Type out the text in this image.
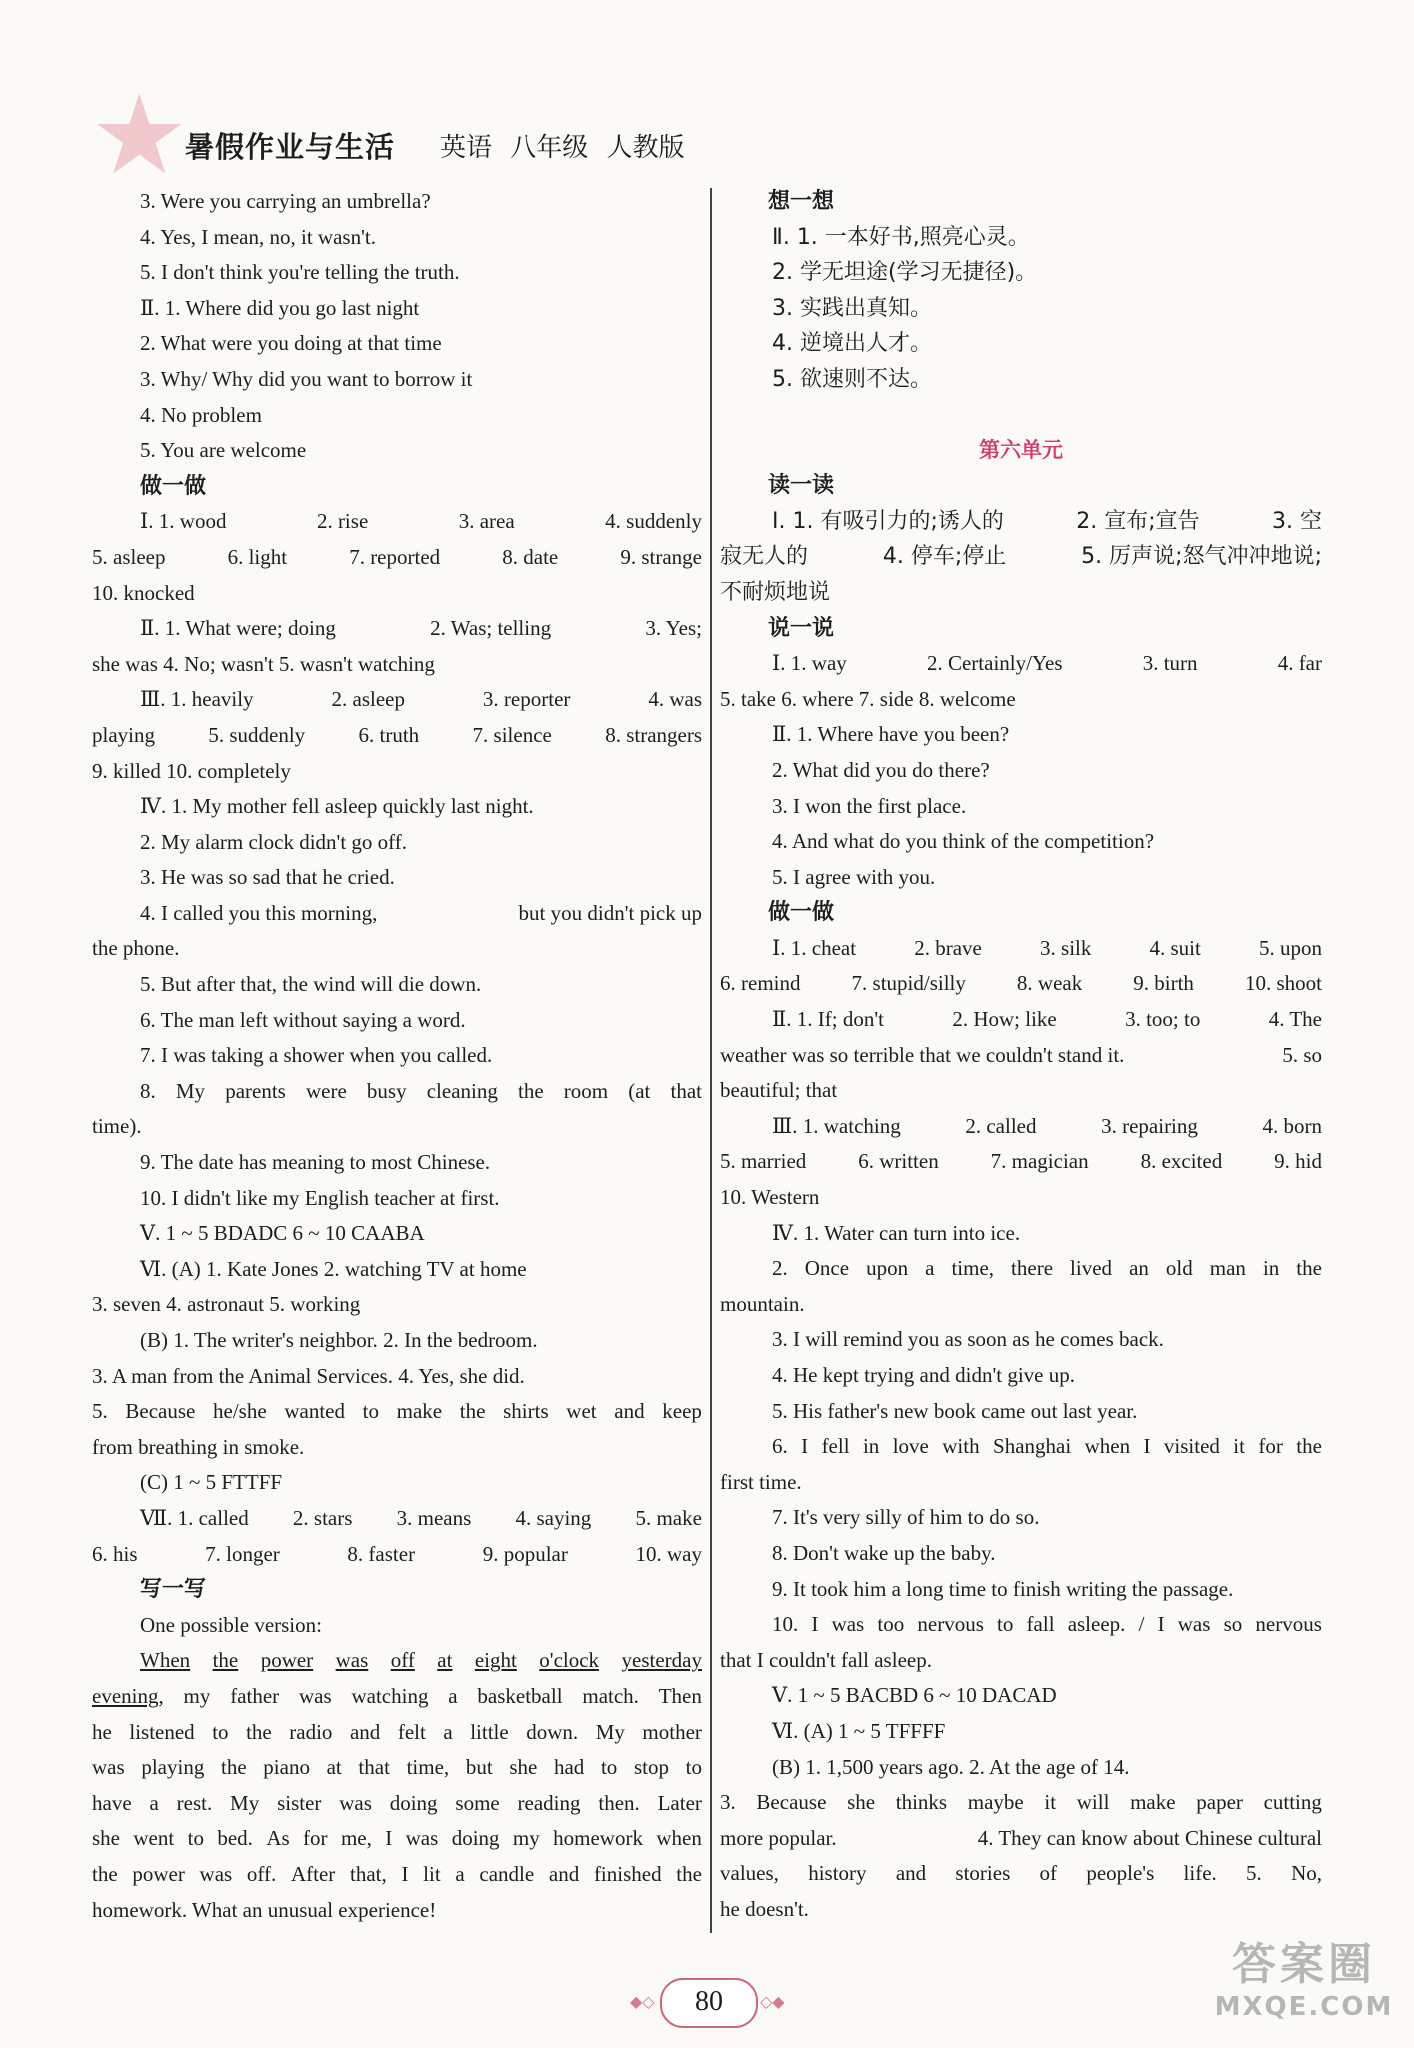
★
暑假作业与生活 英语 八年级 人教版
3. Were you carrying an umbrella?
4. Yes, I mean, no, it wasn't.
5. I don't think you're telling the truth.
Ⅱ. 1. Where did you go last night
2. What were you doing at that time
3. Why/ Why did you want to borrow it
4. No problem
5. You are welcome
做一做
Ⅰ. 1. wood	2. rise	3. area	4. suddenly
5. asleep	6. light	7. reported	8. date	9. strange
10. knocked
Ⅱ. 1. What were; doing	2. Was; telling	3. Yes;
she was 4. No; wasn't 5. wasn't watching
Ⅲ. 1. heavily	2. asleep	3. reporter	4. was
playing	5. suddenly	6. truth	7. silence	8. strangers
9. killed 10. completely
Ⅳ. 1. My mother fell asleep quickly last night.
2. My alarm clock didn't go off.
3. He was so sad that he cried.
4. I called you this morning,	but you didn't pick up
the phone.
5. But after that, the wind will die down.
6. The man left without saying a word.
7. I was taking a shower when you called.
8. My parents were busy cleaning the room (at that
time).
9. The date has meaning to most Chinese.
10. I didn't like my English teacher at first.
Ⅴ. 1 ~ 5 BDADC 6 ~ 10 CAABA
Ⅵ. (A) 1. Kate Jones 2. watching TV at home
3. seven 4. astronaut 5. working
(B) 1. The writer's neighbor. 2. In the bedroom.
3. A man from the Animal Services. 4. Yes, she did.
5. Because he/she wanted to make the shirts wet and keep
from breathing in smoke.
(C) 1 ~ 5 FTTFF
Ⅶ. 1. called 2. stars 3. means 4. saying 5. make
6. his	7. longer	8. faster	9. popular	10. way
写一写
One possible version:
When the power was off at eight o'clock yesterday
evening, my father was watching a basketball match. Then
he listened to the radio and felt a little down. My mother
was playing the piano at that time, but she had to stop to
have a rest. My sister was doing some reading then. Later
she went to bed. As for me, I was doing my homework when
the power was off. After that, I lit a candle and finished the
homework. What an unusual experience!
想一想
Ⅱ. 1. 一本好书,照亮心灵。
2. 学无坦途(学习无捷径)。
3. 实践出真知。
4. 逆境出人才。
5. 欲速则不达。
第六单元
读一读
Ⅰ. 1. 有吸引力的;诱人的	2. 宣布;宣告	3. 空
寂无人的	4. 停车;停止	5. 厉声说;怒气冲冲地说;
不耐烦地说
说一说
Ⅰ. 1. way	2. Certainly/Yes	3. turn	4. far
5. take 6. where 7. side 8. welcome
Ⅱ. 1. Where have you been?
2. What did you do there?
3. I won the first place.
4. And what do you think of the competition?
5. I agree with you.
做一做
Ⅰ. 1. cheat	2. brave	3. silk	4. suit	5. upon
6. remind 7. stupid/silly 8. weak 9. birth 10. shoot
Ⅱ. 1. If; don't	2. How; like	3. too; to	4. The
weather was so terrible that we couldn't stand it.	5. so
beautiful; that
Ⅲ. 1. watching	2. called	3. repairing	4. born
5. married 6. written 7. magician 8. excited 9. hid
10. Western
Ⅳ. 1. Water can turn into ice.
2. Once upon a time, there lived an old man in the
mountain.
3. I will remind you as soon as he comes back.
4. He kept trying and didn't give up.
5. His father's new book came out last year.
6. I fell in love with Shanghai when I visited it for the
first time.
7. It's very silly of him to do so.
8. Don't wake up the baby.
9. It took him a long time to finish writing the passage.
10. I was too nervous to fall asleep. / I was so nervous
that I couldn't fall asleep.
Ⅴ. 1 ~ 5 BACBD 6 ~ 10 DACAD
Ⅵ. (A) 1 ~ 5 TFFFF
(B) 1. 1,500 years ago. 2. At the age of 14.
3. Because she thinks maybe it will make paper cutting
more popular.	4. They can know about Chinese cultural
values, history and stories of people's life. 5. No,
he doesn't.
◆◇	80	◇◆
答案圈
MXQE.COM
